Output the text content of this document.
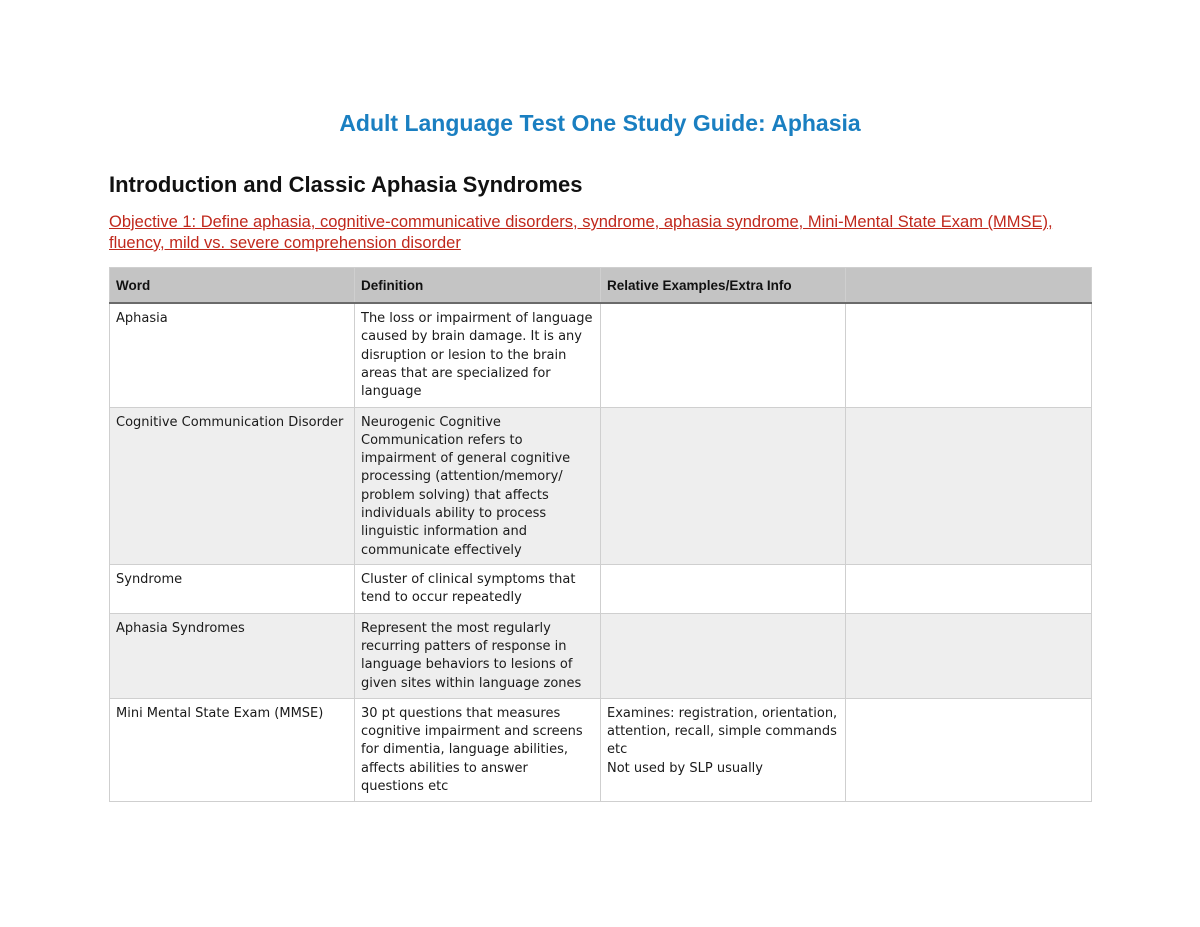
Adult Language Test One Study Guide: Aphasia
Introduction and Classic Aphasia Syndromes
Objective 1: Define aphasia, cognitive-communicative disorders, syndrome, aphasia syndrome, Mini-Mental State Exam (MMSE), fluency, mild vs. severe comprehension disorder
Word	Definition	Relative Examples/Extra Info	
Aphasia	The loss or impairment of language caused by brain damage. It is any disruption or lesion to the brain areas that are specialized for language		
Cognitive Communication Disorder	Neurogenic Cognitive Communication refers to impairment of general cognitive processing (attention/memory/ problem solving) that affects individuals ability to process linguistic information and communicate effectively		
Syndrome	Cluster of clinical symptoms that tend to occur repeatedly		
Aphasia Syndromes	Represent the most regularly recurring patters of response in language behaviors to lesions of given sites within language zones		
Mini Mental State Exam (MMSE)	30 pt questions that measures cognitive impairment and screens for dimentia, language abilities, affects abilities to answer questions etc	Examines: registration, orientation, attention, recall, simple commands etc
Not used by SLP usually	
